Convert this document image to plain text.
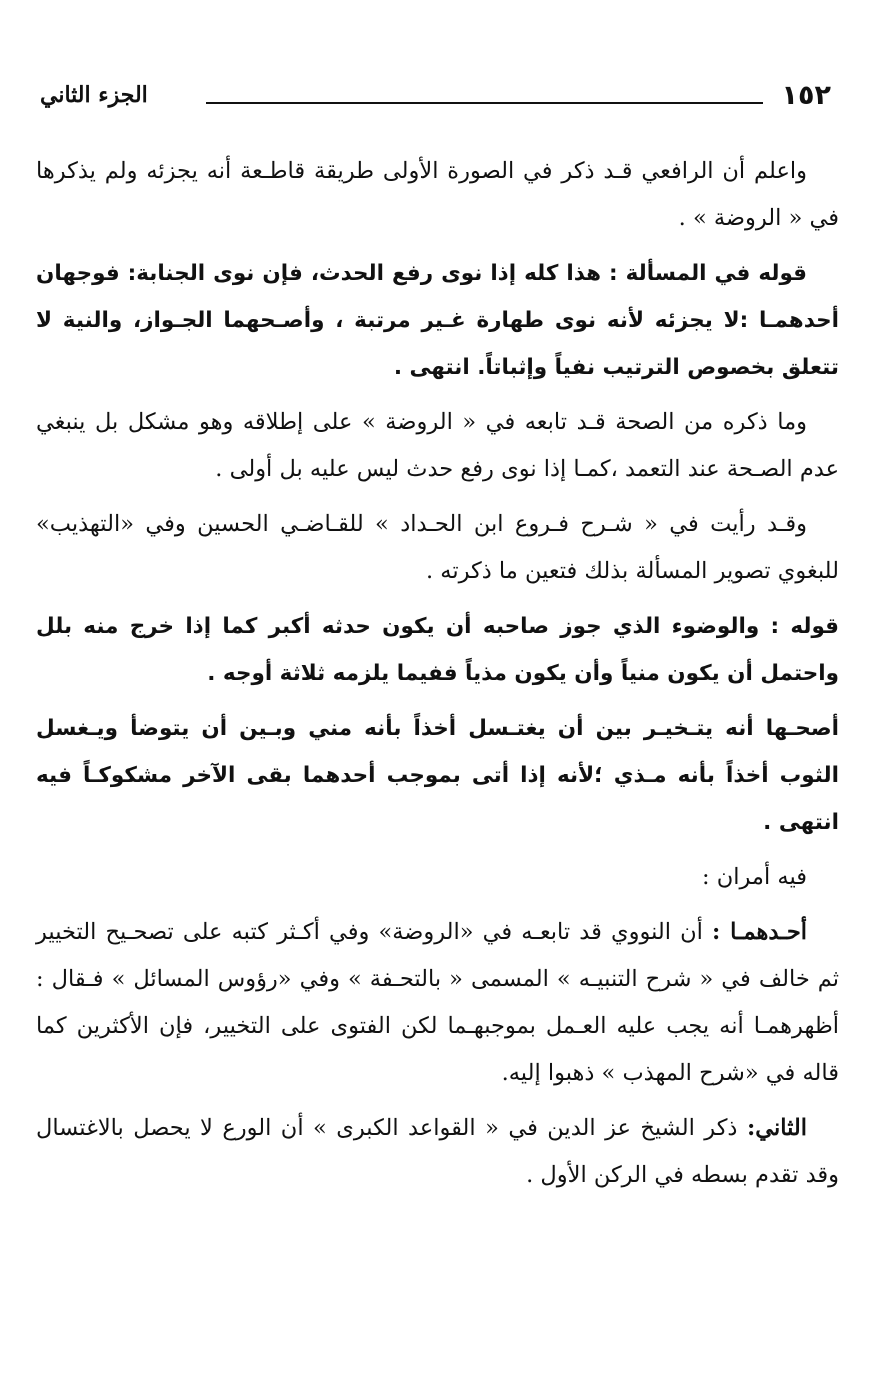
١٥٢
الجزء الثاني

واعلم أن الرافعي قـد ذكر في الصورة الأولى طريقة قاطـعة أنه يجزئه ولم يذكرها في « الروضة » .

قوله في المسألة : هذا كله إذا نوى رفع الحدث، فإن نوى الجنابة: فوجهان أحدهمـا :لا يجزئه لأنه نوى طهارة غـير مرتبة ، وأصـحهما الجـواز، والنية لا تتعلق بخصوص الترتيب نفياً وإثباتاً. انتهى .

وما ذكره من الصحة قـد تابعه في « الروضة » على إطلاقه وهو مشكل بل ينبغي عدم الصـحة عند التعمد ،كمـا إذا نوى رفع حدث ليس عليه بل أولى .

وقـد رأيت في « شـرح فـروع ابن الحـداد » للقـاضـي الحسين وفي «التهذيب» للبغوي تصوير المسألة بذلك فتعين ما ذكرته .

قوله : والوضوء الذي جوز صاحبه أن يكون حدثه أكبر كما إذا خرج منه بلل واحتمل أن يكون منياً وأن يكون مذياً ففيما يلزمه ثلاثة أوجه .

أصحـها أنه يتـخيـر بين أن يغتـسل أخذاً بأنه مني وبـين أن يتوضأ ويـغسل الثوب أخذاً بأنه مـذي ؛لأنه إذا أتى بموجب أحدهما بقى الآخر مشكوكـاً فيه انتهى .

فيه أمران :

أحـدهمـا : أن النووي قد تابعـه في «الروضة» وفي أكـثر كتبه على تصحـيح التخيير ثم خالف في « شرح التنبيـه » المسمى « بالتحـفة » وفي «رؤوس المسائل » فـقال : أظهرهمـا أنه يجب عليه العـمل بموجبهـما لكن الفتوى على التخيير، فإن الأكثرين كما قاله في «شرح المهذب » ذهبوا إليه.

الثاني: ذكر الشيخ عز الدين في « القواعد الكبرى » أن الورع لا يحصل بالاغتسال وقد تقدم بسطه في الركن الأول .
